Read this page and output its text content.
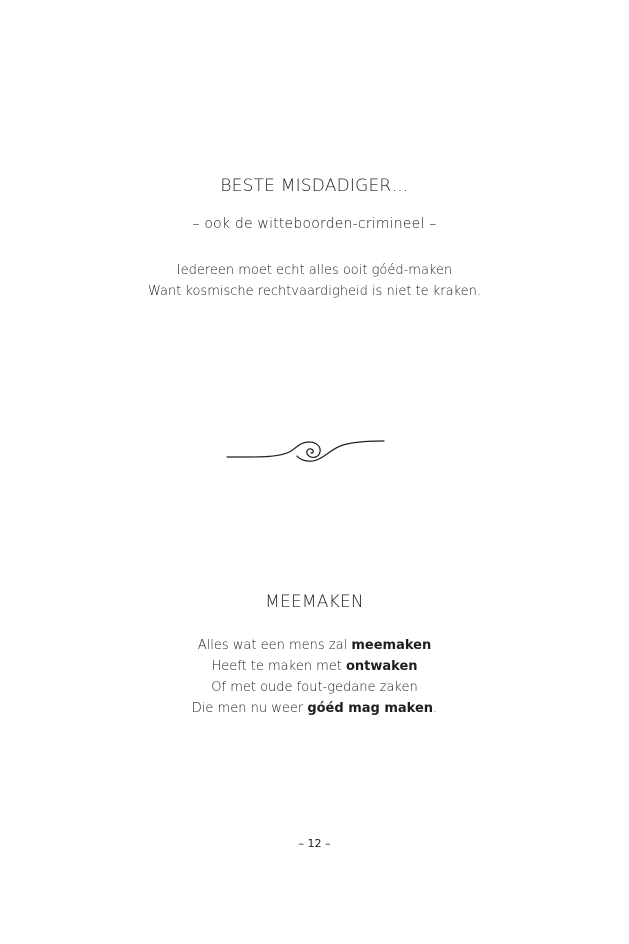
BESTE MISDADIGER…
– ook de witteboorden-crimineel –
Iedereen moet echt alles ooit góéd-maken
Want kosmische rechtvaardigheid is niet te kraken.
MEEMAKEN
Alles wat een mens zal meemaken
Heeft te maken met ontwaken
Of met oude fout-gedane zaken
Die men nu weer góéd mag maken.
– 12 –
